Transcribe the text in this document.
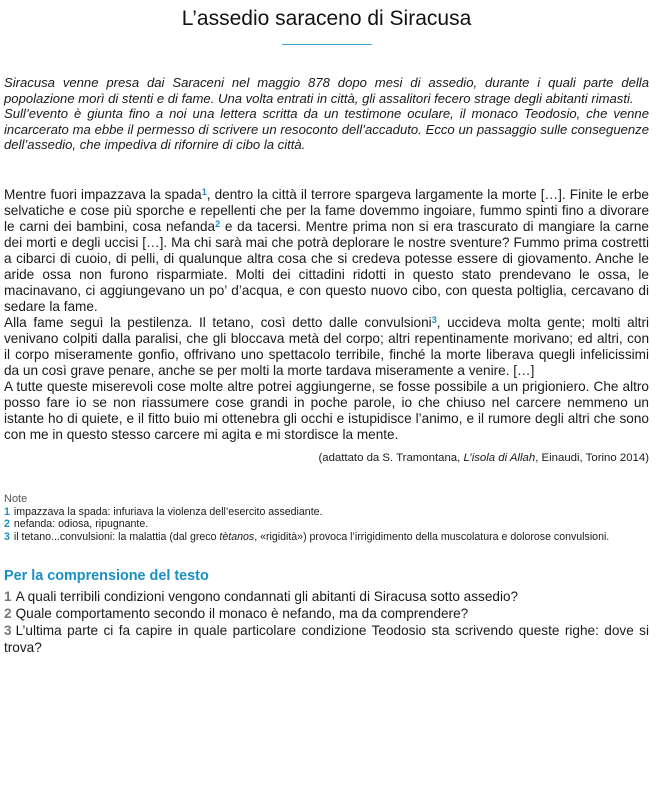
L’assedio saraceno di Siracusa

Siracusa venne presa dai Saraceni nel maggio 878 dopo mesi di assedio, durante i quali parte della popolazione morì di stenti e di fame. Una volta entrati in città, gli assalitori fecero strage degli abitanti rimasti.

Sull’evento è giunta fino a noi una lettera scritta da un testimone oculare, il monaco Teodosio, che venne incarcerato ma ebbe il permesso di scrivere un resoconto dell’accaduto. Ecco un passaggio sulle conseguenze dell’assedio, che impediva di rifornire di cibo la città.

Mentre fuori impazzava la spada$^1$, dentro la città il terrore spargeva largamente la morte […]. Finite le erbe selvatiche e cose più sporche e repellenti che per la fame dovemmo ingoiare, fummo spinti fino a divorare le carni dei bambini, cosa nefanda$^2$ e da tacersi. Mentre prima non si era trascurato di mangiare la carne dei morti e degli uccisi […]. Ma chi sarà mai che potrà deplorare le nostre sventure? Fummo prima costretti a cibarci di cuoio, di pelli, di qualunque altra cosa che si credeva potesse essere di giovamento. Anche le aride ossa non furono risparmiate. Molti dei cittadini ridotti in questo stato prendevano le ossa, le macinavano, ci aggiungevano un po’ d’acqua, e con questo nuovo cibo, con questa poltiglia, cercavano di sedare la fame.

Alla fame seguì la pestilenza. Il tetano, così detto dalle convulsioni$^3$, uccideva molta gente; molti altri venivano colpiti dalla paralisi, che gli bloccava metà del corpo; altri repentinamente morivano; ed altri, con il corpo miseramente gonfio, offrivano uno spettacolo terribile, finché la morte liberava quegli infelicissimi da un così grave penare, anche se per molti la morte tardava miseramente a venire. […]

A tutte queste miserevoli cose molte altre potrei aggiungerne, se fosse possibile a un prigioniero. Che altro posso fare io se non riassumere cose grandi in poche parole, io che chiuso nel carcere nemmeno un istante ho di quiete, e il fitto buio mi ottenebra gli occhi e istupidisce l’animo, e il rumore degli altri che sono con me in questo stesso carcere mi agita e mi stordisce la mente.

(adattato da S. Tramontana, L’isola di Allah, Einaudi, Torino 2014)
Note

1 impazzava la spada: infuriava la violenza dell’esercito assediante.

2 nefanda: odiosa, ripugnante.

3 il tetano...convulsioni: la malattia (dal greco tètanos, «rigidità») provoca l’irrigidimento della muscolatura e dolorose convulsioni.

Per la comprensione del testo

1 A quali terribili condizioni vengono condannati gli abitanti di Siracusa sotto assedio?

2 Quale comportamento secondo il monaco è nefando, ma da comprendere?

3 L’ultima parte ci fa capire in quale particolare condizione Teodosio sta scrivendo queste righe: dove si trova?
